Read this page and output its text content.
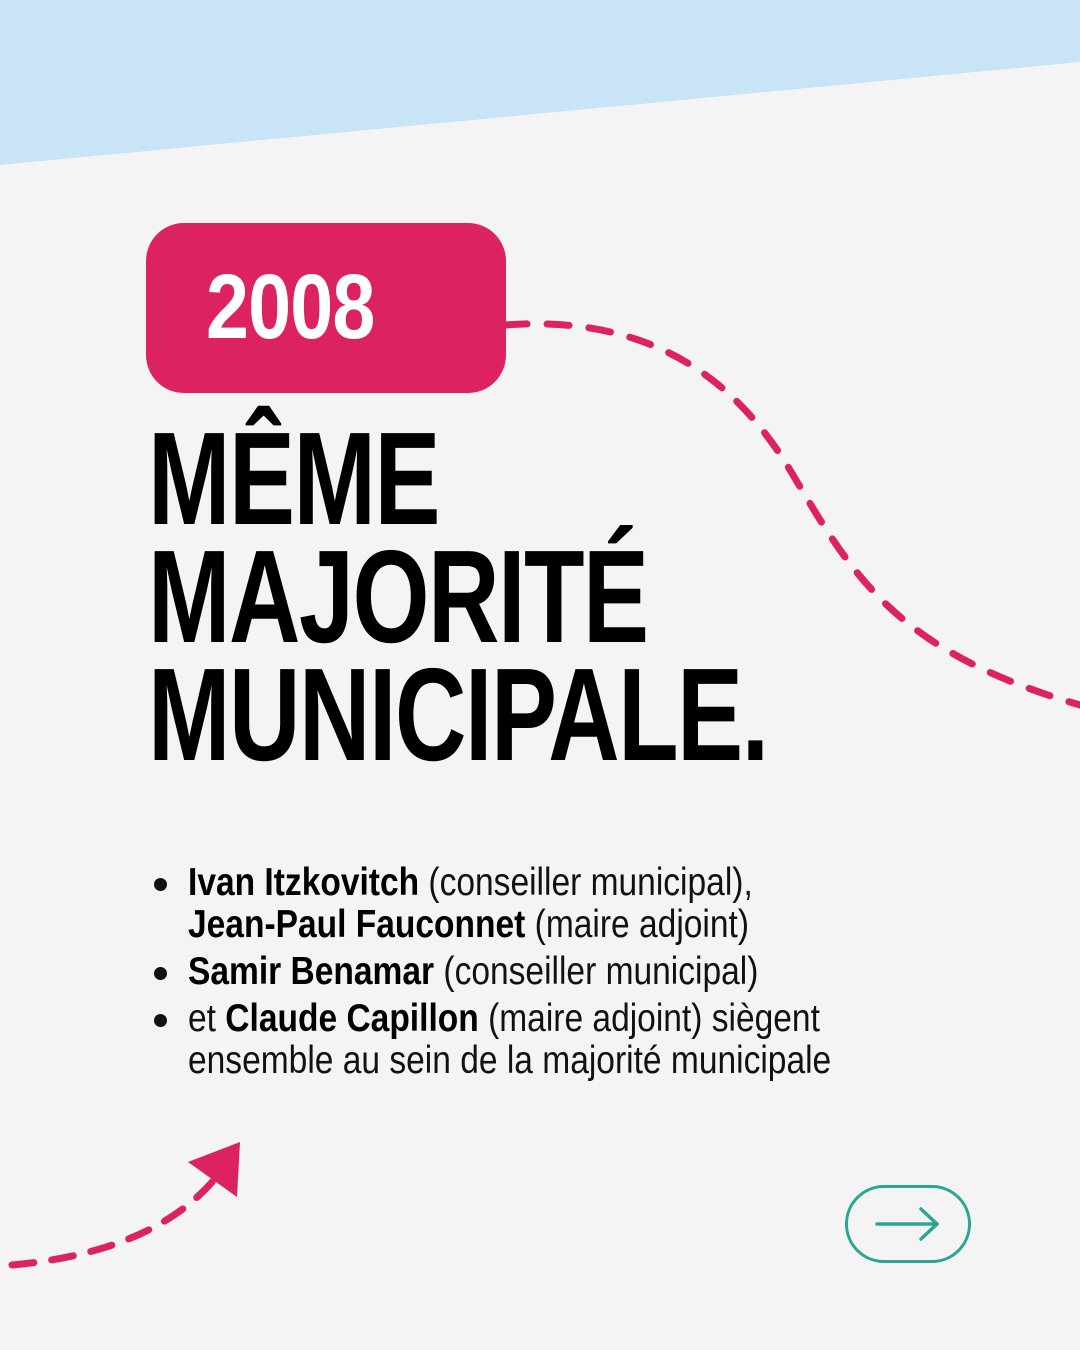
2008
MÊME
MAJORITÉ
MUNICIPALE.
Ivan Itzkovitch (conseiller municipal),
Jean-Paul Fauconnet (maire adjoint)
Samir Benamar (conseiller municipal)
et Claude Capillon (maire adjoint) siègent
ensemble au sein de la majorité municipale
